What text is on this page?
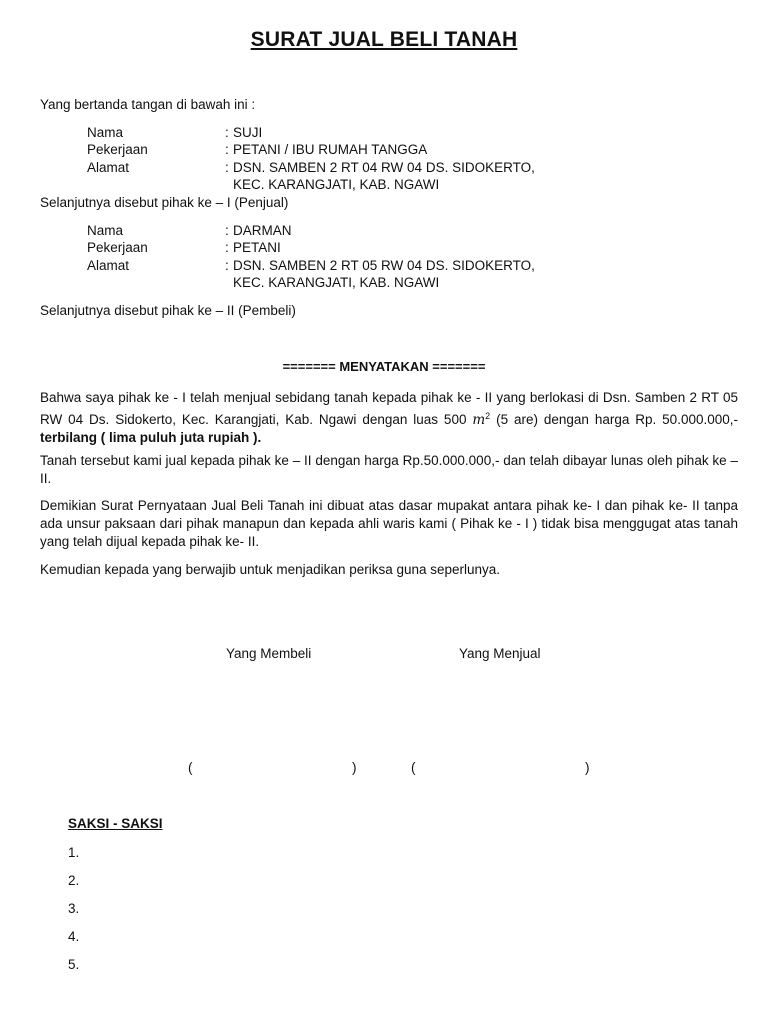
SURAT JUAL BELI TANAH
Yang bertanda tangan di bawah ini :
Nama	: SUJI
Pekerjaan	: PETANI / IBU RUMAH TANGGA
Alamat	: DSN. SAMBEN 2 RT 04 RW 04 DS. SIDOKERTO,
KEC. KARANGJATI, KAB. NGAWI
Selanjutnya disebut pihak ke – I (Penjual)
Nama	: DARMAN
Pekerjaan	: PETANI
Alamat	: DSN. SAMBEN 2 RT 05 RW 04 DS. SIDOKERTO,
KEC. KARANGJATI, KAB. NGAWI
Selanjutnya disebut pihak ke – II (Pembeli)
======= MENYATAKAN =======
Bahwa saya pihak ke - I telah menjual sebidang tanah kepada pihak ke - II yang berlokasi di Dsn. Samben 2 RT 05 RW 04 Ds. Sidokerto, Kec. Karangjati, Kab. Ngawi dengan luas 500 $m^2$ (5 are) dengan harga Rp. 50.000.000,- terbilang ( lima puluh juta rupiah ).
Tanah tersebut kami jual kepada pihak ke – II dengan harga Rp.50.000.000,- dan telah dibayar lunas oleh pihak ke – II.
Demikian Surat Pernyataan Jual Beli Tanah ini dibuat atas dasar mupakat antara pihak ke- I dan pihak ke- II tanpa ada unsur paksaan dari pihak manapun dan kepada ahli waris kami ( Pihak ke - I ) tidak bisa menggugat atas tanah yang telah dijual kepada pihak ke- II.
Kemudian kepada yang berwajib untuk menjadikan periksa guna seperlunya.
Yang Membeli	Yang Menjual
(	)	(	)
SAKSI - SAKSI
1.
2.
3.
4.
5.
